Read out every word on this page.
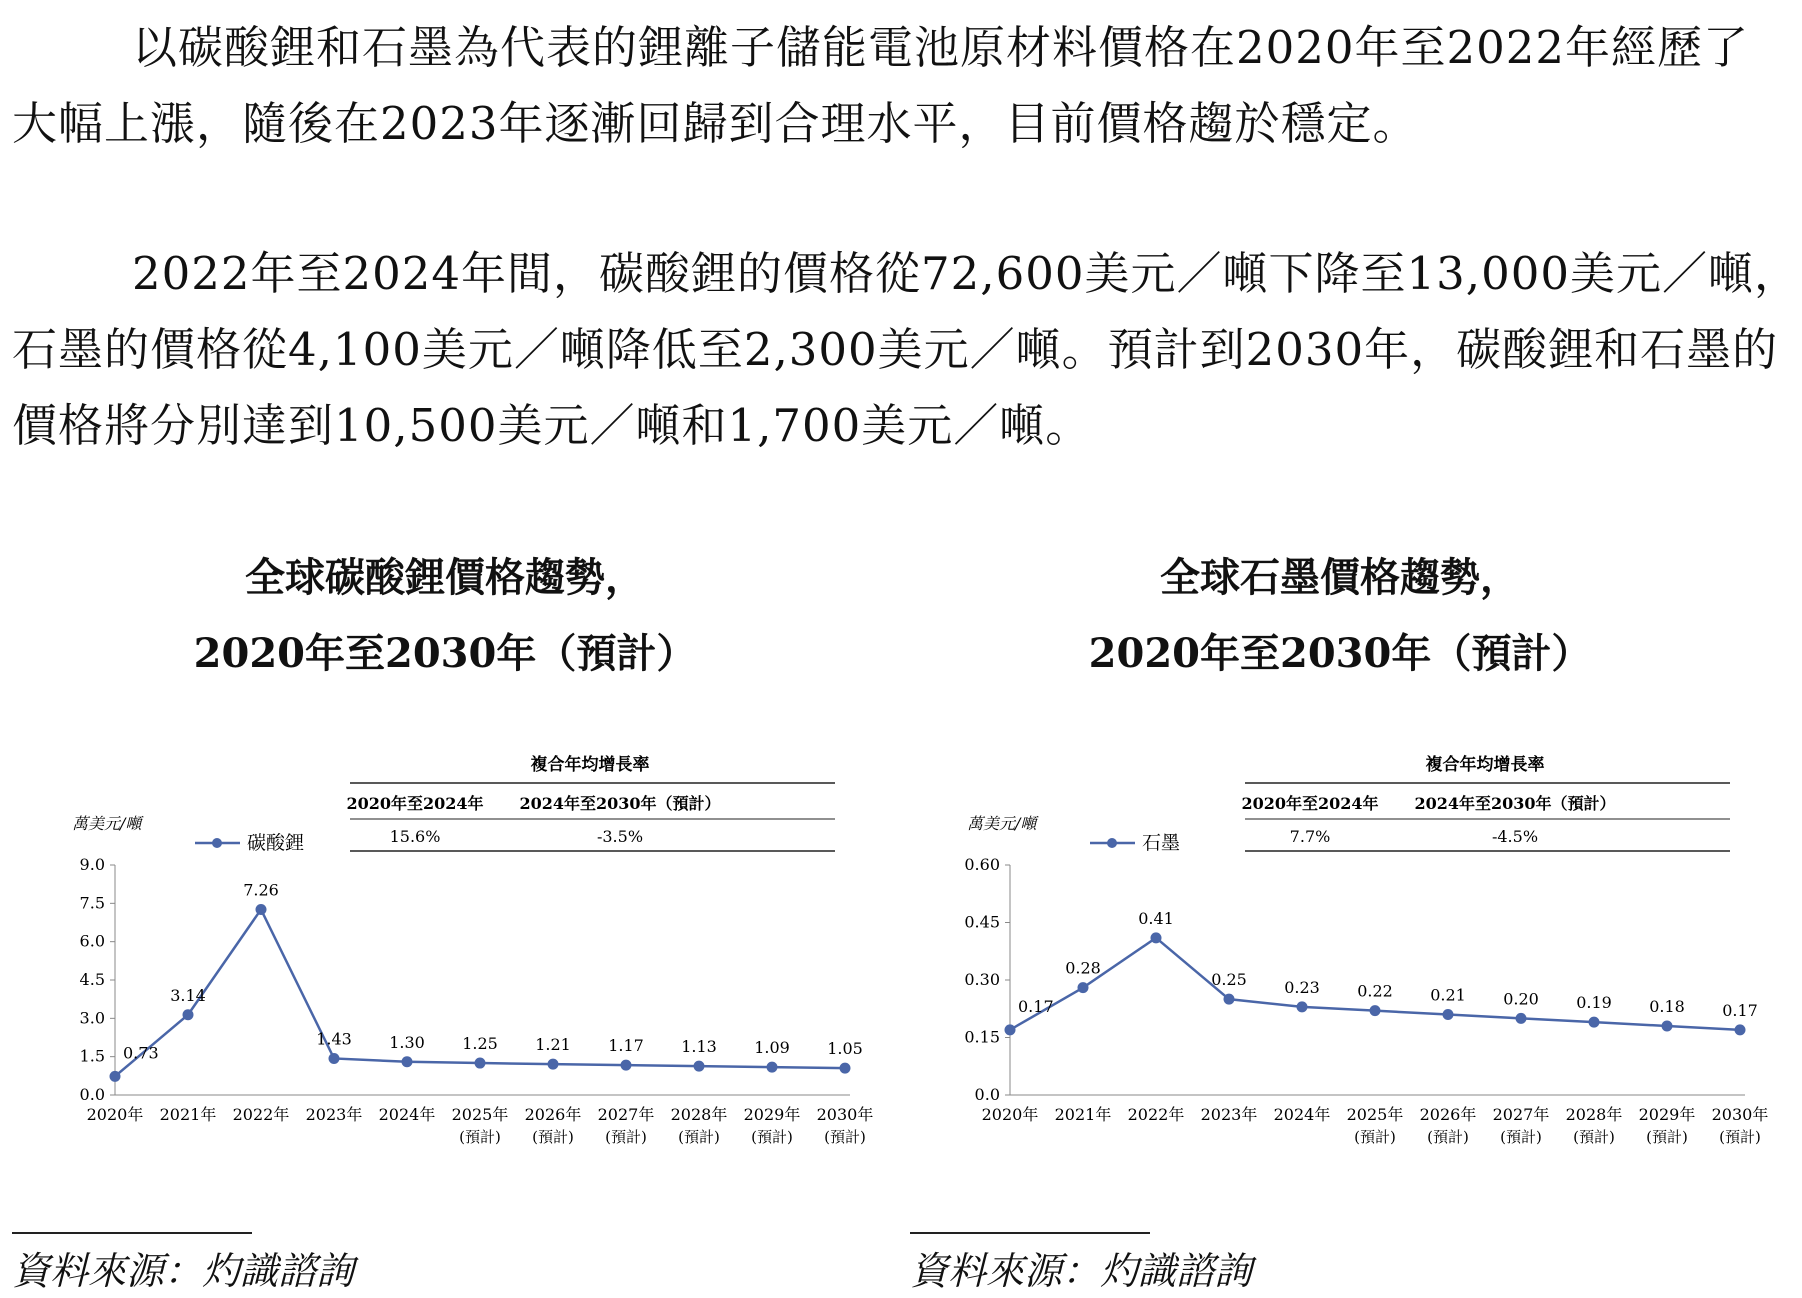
以碳酸鋰和石墨為代表的鋰離子儲能電池原材料價格在2020年至2022年經歷了
大幅上漲，隨後在2023年逐漸回歸到合理水平，目前價格趨於穩定。
2022年至2024年間，碳酸鋰的價格從72,600美元／噸下降至13,000美元／噸，
石墨的價格從4,100美元／噸降低至2,300美元／噸。預計到2030年，碳酸鋰和石墨的
價格將分別達到10,500美元／噸和1,700美元／噸。
全球碳酸鋰價格趨勢，
2020年至2030年（預計）
全球石墨價格趨勢，
2020年至2030年（預計）
複合年均增長率
2020年至2024年 2024年至2030年（預計）
15.6%	-3.5%
萬美元/噸
碳酸鋰
0.0
1.5
3.0
4.5
6.0
7.5
9.0
2020年 2021年 2022年 2023年 2024年 2025年
(預計)
2026年
(預計)
2027年
(預計)
2028年
(預計)
2029年
(預計)
2030年
(預計)
0.73
3.14
7.26
1.43 1.30 1.25 1.21 1.17 1.13 1.09 1.05
複合年均增長率
2020年至2024年 2024年至2030年（預計）
7.7%	-4.5%
萬美元/噸
石墨
0.0
0.15
0.30
0.45
0.60
2020年 2021年 2022年 2023年 2024年 2025年
(預計)
2026年
(預計)
2027年
(預計)
2028年
(預計)
2029年
(預計)
2030年
(預計)
0.17
0.28
0.41
0.25 0.23 0.22 0.21 0.20 0.19 0.18 0.17
資料來源：灼識諮詢	資料來源：灼識諮詢
